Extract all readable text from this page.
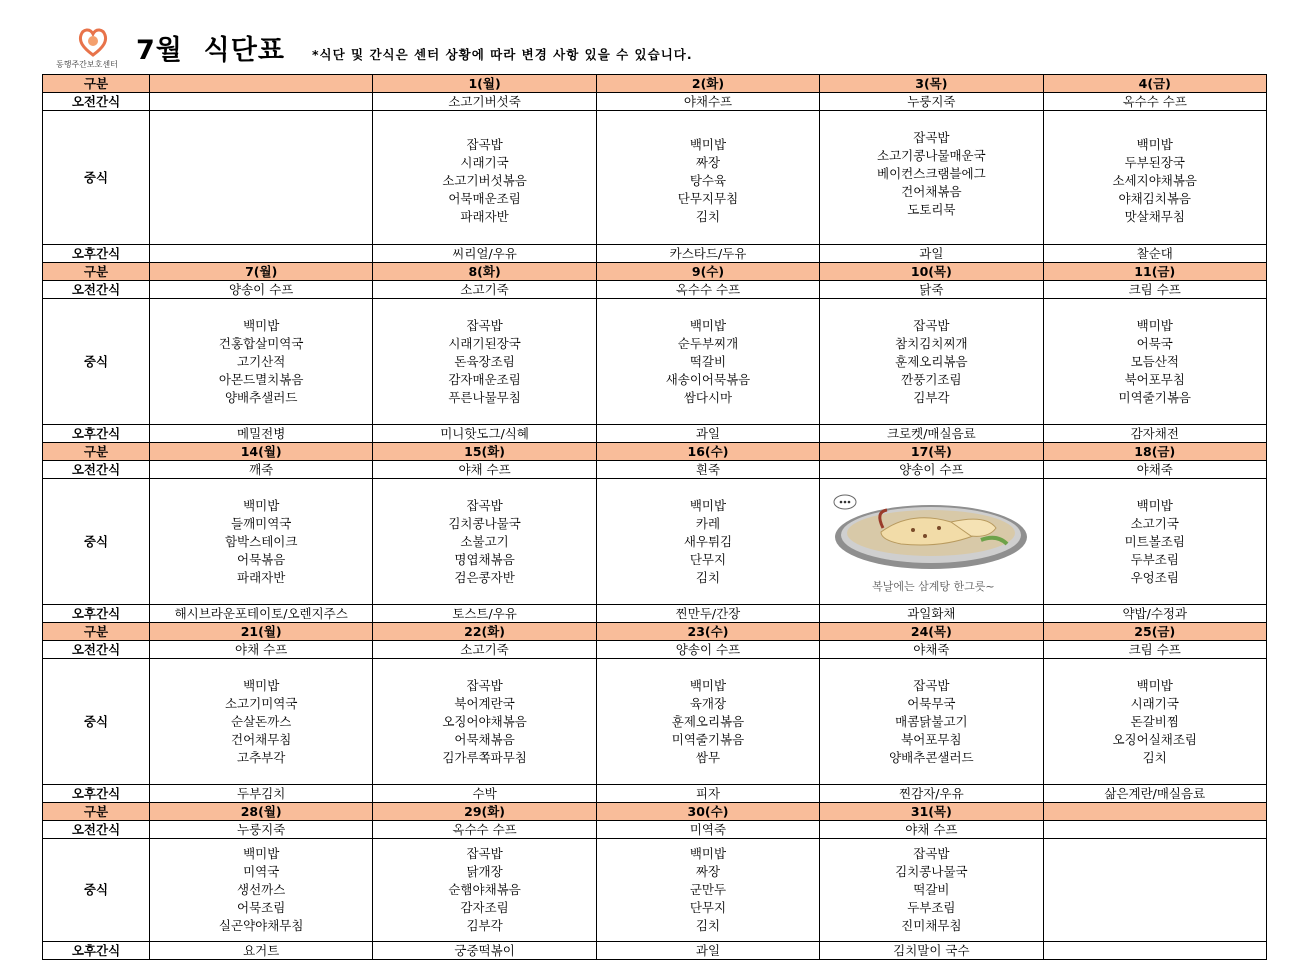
동행주간보호센터 7월  식단표 *식단 및 간식은 센터 상황에 따라 변경 사항 있을 수 있습니다.
구분		1(월)	2(화)	3(목)	4(금)
오전간식		소고기버섯죽	야채수프	누룽지죽	옥수수 수프
중식		잡곡밥
시래기국
소고기버섯볶음
어묵매운조림
파래자반	백미밥
짜장
탕수육
단무지무침
김치	잡곡밥
소고기콩나물매운국
베이컨스크램블에그
건어채볶음
도토리묵	백미밥
두부된장국
소세지야채볶음
야채김치볶음
맛살채무침

오후간식		씨리얼/우유	카스타드/두유	과일	찰순대
구분	7(월)	8(화)	9(수)	10(목)	11(금)
오전간식	양송이 수프	소고기죽	옥수수 수프	닭죽	크림 수프
중식	백미밥
건홍합살미역국
고기산적
아몬드멸치볶음
양배추샐러드	잡곡밥
시래기된장국
돈육장조림
감자매운조림
푸른나물무침	백미밥
순두부찌개
떡갈비
새송이어묵볶음
쌈다시마	잡곡밥
참치김치찌개
훈제오리볶음
깐풍기조림
김부각	백미밥
어묵국
모듬산적
북어포무침
미역줄기볶음

오후간식	메밀전병	미니핫도그/식혜	과일	크로켓/매실음료	감자채전
구분	14(월)	15(화)	16(수)	17(목)	18(금)
오전간식	깨죽	야채 수프	흰죽	양송이 수프	야채죽
중식	백미밥
들깨미역국
함박스테이크
어묵볶음
파래자반	잡곡밥
김치콩나물국
소불고기
명엽채볶음
검은콩자반	백미밥
카레
새우튀김
단무지
김치	복날에는 삼계탕 한그릇~	백미밥
소고기국
미트볼조림
두부조림
우엉조림

오후간식	해시브라운포테이토/오렌지주스	토스트/우유	찐만두/간장	과일화채	약밥/수정과
구분	21(월)	22(화)	23(수)	24(목)	25(금)
오전간식	야채 수프	소고기죽	양송이 수프	야채죽	크림 수프
중식	백미밥
소고기미역국
순살돈까스
건어채무침
고추부각	잡곡밥
북어계란국
오징어야채볶음
어묵채볶음
김가루쪽파무침	백미밥
육개장
훈제오리볶음
미역줄기볶음
쌈무	잡곡밥
어묵무국
매콤닭불고기
북어포무침
양배추콘샐러드	백미밥
시래기국
돈갈비찜
오징어실채조림
김치

오후간식	두부김치	수박	피자	찐감자/우유	삶은계란/매실음료
구분	28(월)	29(화)	30(수)	31(목)	
오전간식	누룽지죽	옥수수 수프	미역죽	야채 수프	
중식	백미밥
미역국
생선까스
어묵조림
실곤약야채무침	잡곡밥
닭개장
순햄야채볶음
감자조림
김부각	백미밥
짜장
군만두
단무지
김치	잡곡밥
김치콩나물국
떡갈비
두부조림
진미채무침	

오후간식	요거트	궁중떡볶이	과일	김치말이 국수	
